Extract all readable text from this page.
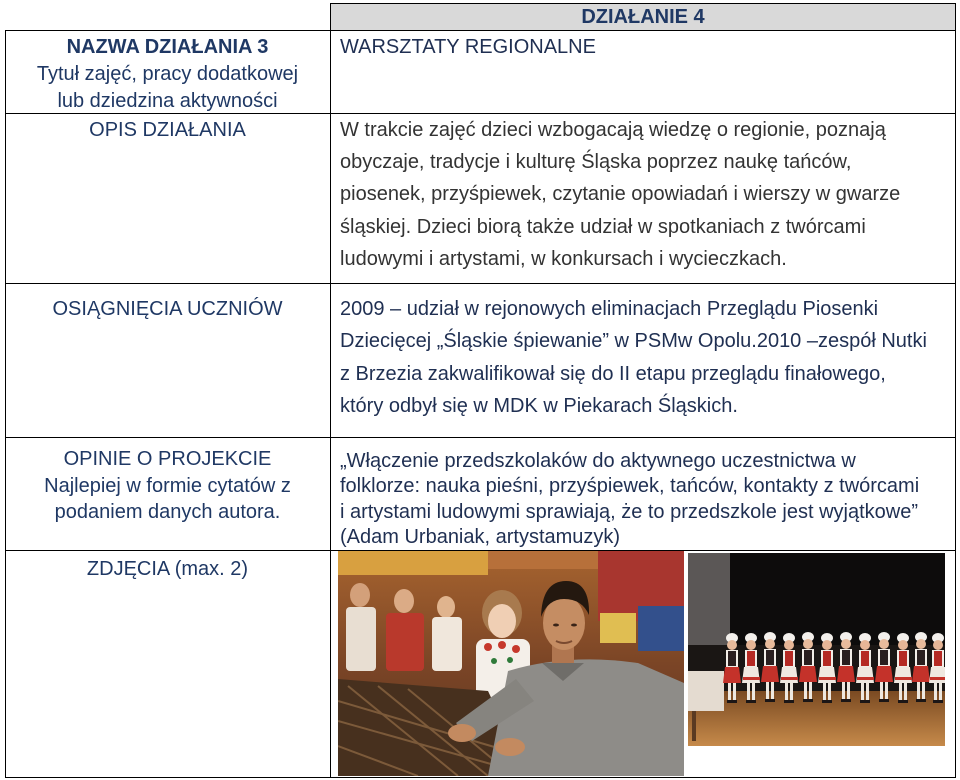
DZIAŁANIE 4
NAZWA DZIAŁANIA 3
Tytuł zajęć, pracy dodatkowej
lub dziedzina aktywności
WARSZTATY REGIONALNE
OPIS DZIAŁANIA	W trakcie zajęć dzieci wzbogacają wiedzę o regionie, poznają
obyczaje, tradycje i kulturę Śląska poprzez naukę tańców,
piosenek, przyśpiewek, czytanie opowiadań i wierszy w gwarze
śląskiej. Dzieci biorą także udział w spotkaniach z twórcami
ludowymi i artystami, w konkursach i wycieczkach.
OSIĄGNIĘCIA UCZNIÓW	2009 – udział w rejonowych eliminacjach Przeglądu Piosenki
Dziecięcej „Śląskie śpiewanie” w PSMw Opolu.2010 –zespół Nutki
z Brzezia zakwalifikował się do II etapu przeglądu finałowego,
który odbył się w MDK w Piekarach Śląskich.
OPINIE O PROJEKCIE
Najlepiej w formie cytatów z
podaniem danych autora.
„Włączenie przedszkolaków do aktywnego uczestnictwa w
folklorze: nauka pieśni, przyśpiewek, tańców, kontakty z twórcami
i artystami ludowymi sprawiają, że to przedszkole jest wyjątkowe”
(Adam Urbaniak, artystamuzyk)
ZDJĘCIA (max. 2)
